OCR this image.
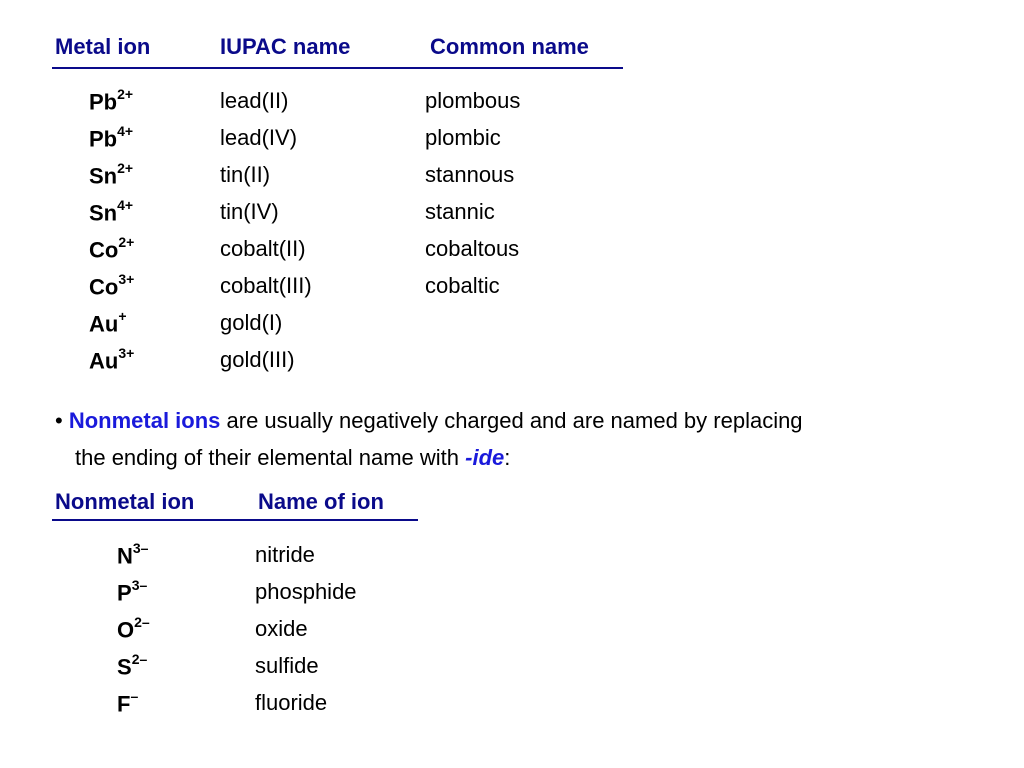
Metal ion	IUPAC name	Common name
$Pb^{2+}$	lead(II)	plombous
$Pb^{4+}$	lead(IV)	plombic
$Sn^{2+}$	tin(II)	stannous
$Sn^{4+}$	tin(IV)	stannic
$Co^{2+}$	cobalt(II)	cobaltous
$Co^{3+}$	cobalt(III)	cobaltic
Au+	gold(I)
$Au^{3+}$	gold(III)
• Nonmetal ions are usually negatively charged and are named by replacing
the ending of their elemental name with -ide:
Nonmetal ion	Name of ion
$N^{3-}$	nitride
$P^{3-}$	phosphide
$O^{2-}$	oxide
$S^{2-}$	sulfide
F–	fluoride
